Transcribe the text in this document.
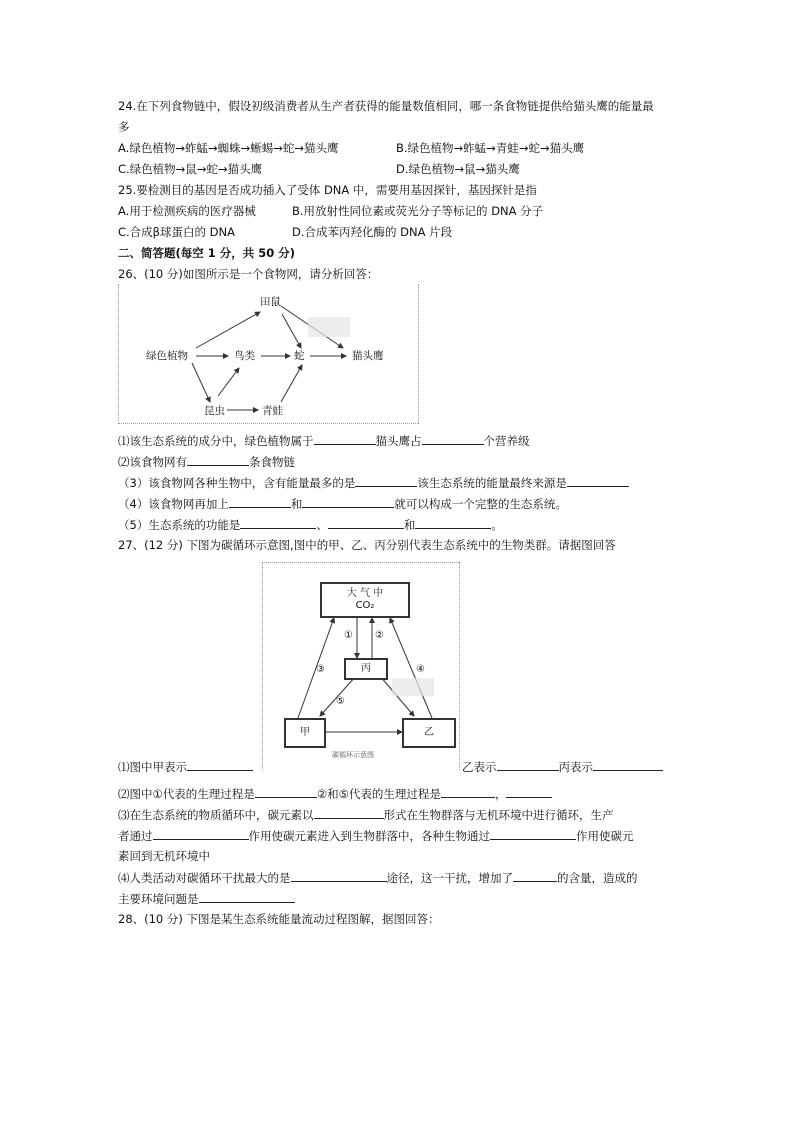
24.在下列食物链中，假设初级消费者从生产者获得的能量数值相同，哪一条食物链提供给猫头鹰的能量最
多
A.绿色植物→蚱蜢→蜘蛛→蜥蜴→蛇→猫头鹰	B.绿色植物→蚱蜢→青蛙→蛇→猫头鹰
C.绿色植物→鼠→蛇→猫头鹰	D.绿色植物→鼠→猫头鹰
25.要检测目的基因是否成功插入了受体 DNA 中，需要用基因探针，基因探针是指
A.用于检测疾病的医疗器械	B.用放射性同位素或荧光分子等标记的 DNA 分子
C.合成β球蛋白的 DNA	D.合成苯丙羟化酶的 DNA 片段
二、简答题(每空 1 分，共 50 分)
26、(10 分)如图所示是一个食物网，请分析回答：
田鼠
绿色植物	鸟类	蛇	猫头鹰
昆虫	青蛙
⑴该生态系统的成分中，绿色植物属于	猫头鹰占	个营养级
⑵该食物网有	条食物链
（3）该食物网各种生物中，含有能量最多的是	该生态系统的能量最终来源是
（4）该食物网再加上	和	就可以构成一个完整的生态系统。
（5）生态系统的功能是	、	和	。
27、(12 分) 下图为碳循环示意图,图中的甲、乙、丙分别代表生态系统中的生物类群。请据图回答
大 气 中
CO₂
丙
甲	乙
① ②
③	④
⑤
碳循环示意图
⑴图中甲表示	乙表示	丙表示
⑵图中①代表的生理过程是	②和⑤代表的生理过程是	，
⑶在生态系统的物质循环中，碳元素以	形式在生物群落与无机环境中进行循环，生产
者通过	作用使碳元素进入到生物群落中，各种生物通过	作用使碳元
素回到无机环境中
⑷人类活动对碳循环干扰最大的是	途径，这一干扰，增加了	的含量，造成的
主要环境问题是
28、(10 分) 下图是某生态系统能量流动过程图解，据图回答：
